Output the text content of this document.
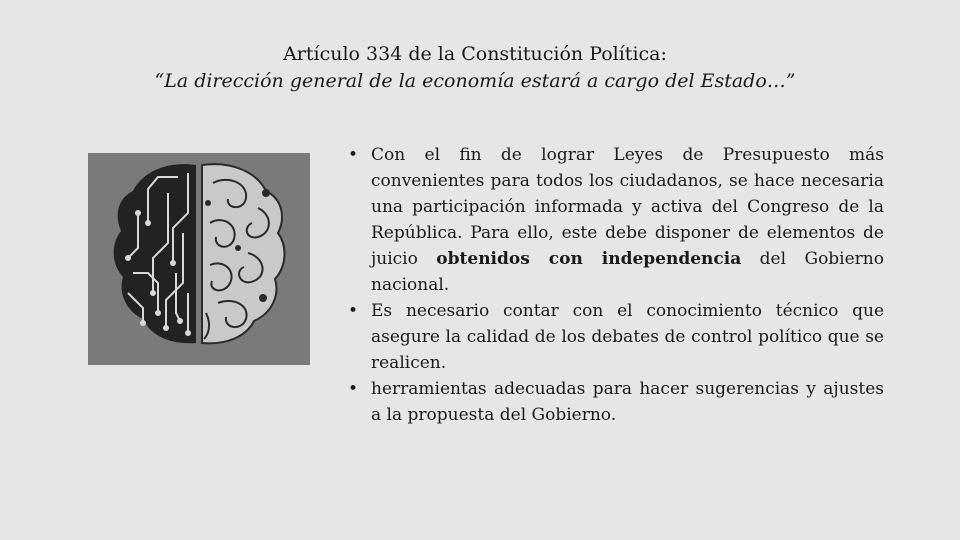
Artículo 334 de la Constitución Política:

“La dirección general de la economía estará a cargo del Estado…”

• Con el fin de lograr Leyes de Presupuesto más convenientes para todos los ciudadanos, se hace necesaria una participación informada y activa del Congreso de la República. Para ello, este debe disponer de elementos de juicio obtenidos con independencia del Gobierno nacional.
• Es necesario contar con el conocimiento técnico que asegure la calidad de los debates de control político que se realicen.
• herramientas adecuadas para hacer sugerencias y ajustes a la propuesta del Gobierno.
